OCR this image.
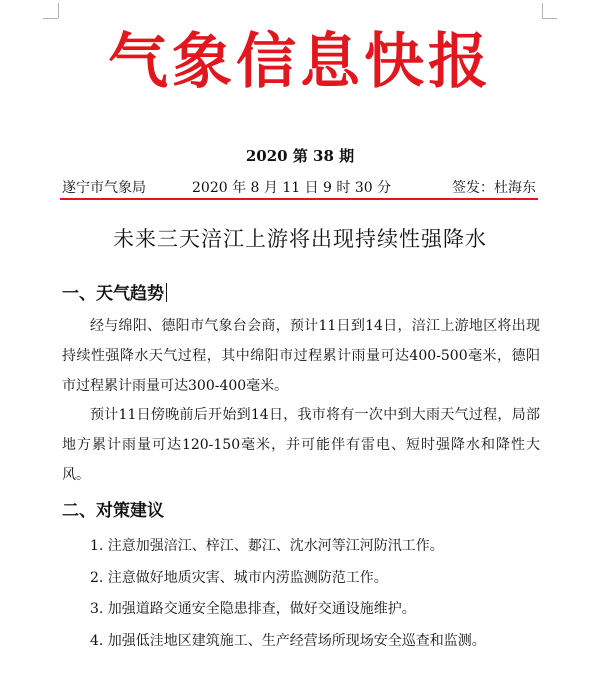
气象信息快报
2020 第 38 期
遂宁市气象局	2020 年 8 月 11 日 9 时 30 分	签发：杜海东
未来三天涪江上游将出现持续性强降水
一、天气趋势
经与绵阳、德阳市气象台会商，预计11日到14日，涪江上游地区将出现持续性强降水天气过程，其中绵阳市过程累计雨量可达400-500毫米，德阳市过程累计雨量可达300-400毫米。
预计11日傍晚前后开始到14日，我市将有一次中到大雨天气过程，局部地方累计雨量可达120-150毫米，并可能伴有雷电、短时强降水和降性大风。
二、对策建议
1. 注意加强涪江、梓江、郪江、沈水河等江河防汛工作。
2. 注意做好地质灾害、城市内涝监测防范工作。
3. 加强道路交通安全隐患排查，做好交通设施维护。
4. 加强低洼地区建筑施工、生产经营场所现场安全巡查和监测。
